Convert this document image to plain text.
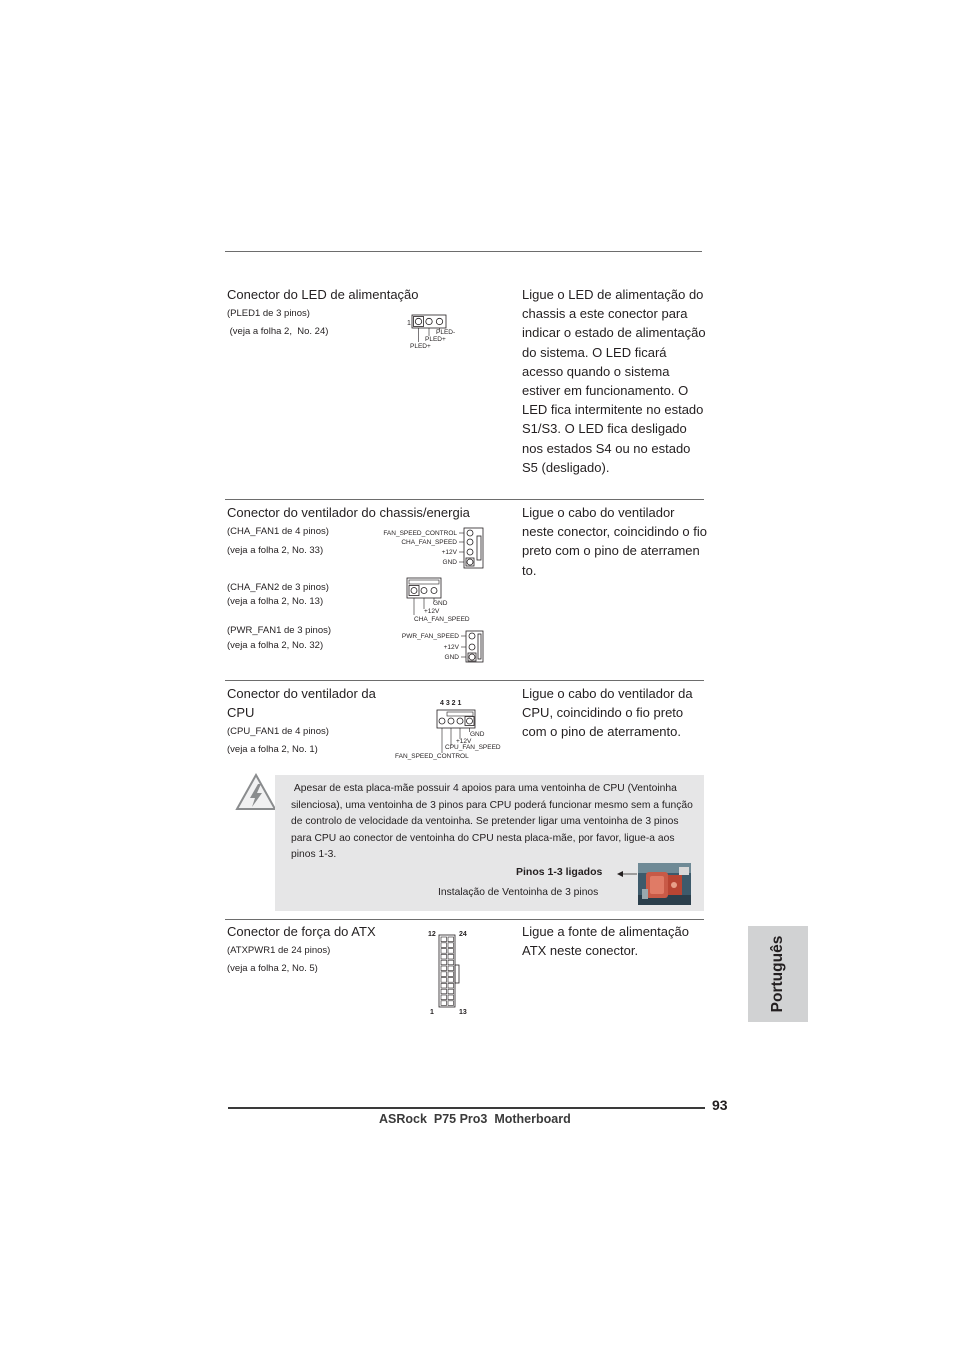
Conector do LED de alimentação
(PLED1 de 3 pinos)
(veja a folha 2,  No. 24)
1
PLED-
PLED+
PLED+
Ligue o LED de alimentação do chassis a este conector para indicar o estado de alimentação do sistema. O LED ficará acesso quando o sistema estiver em funcionamento. O LED fica intermitente no estado S1/S3. O LED fica desligado nos estados S4 ou no estado S5 (desligado).
Conector do ventilador do chassis/energia
(CHA_FAN1 de 4 pinos)
(veja a folha 2, No. 33)
(CHA_FAN2 de 3 pinos)
(veja a folha 2, No. 13)
(PWR_FAN1 de 3 pinos)
(veja a folha 2, No. 32)
FAN_SPEED_CONTROL
CHA_FAN_SPEED
+12V
GND
GND
+12V
CHA_FAN_SPEED
PWR_FAN_SPEED
+12V
GND
Ligue o cabo do ventilador neste conector, coincidindo o fio preto com o pino de aterramen to.
Conector do ventilador da
CPU
(CPU_FAN1 de 4 pinos)
(veja a folha 2, No. 1)
4 3 2 1
GND
+12V
CPU_FAN_SPEED
FAN_SPEED_CONTROL
Ligue o cabo do ventilador da CPU, coincidindo o fio preto com o pino de aterramento.
Apesar de esta placa-mãe possuir 4 apoios para uma ventoinha de CPU (Ventoinha silenciosa), uma ventoinha de 3 pinos para CPU poderá funcionar mesmo sem a função de controlo de velocidade da ventoinha. Se pretender ligar uma ventoinha de 3 pinos para CPU ao conector de ventoinha do CPU nesta placa-mãe, por favor, ligue-a aos pinos 1-3.
Pinos 1-3 ligados
Instalação de Ventoinha de 3 pinos
Conector de força do ATX
(ATXPWR1 de 24 pinos)
(veja a folha 2, No. 5)
12	24
1	13
Ligue a fonte de alimentação ATX neste conector.	Português
93
ASRock  P75 Pro3  Motherboard
